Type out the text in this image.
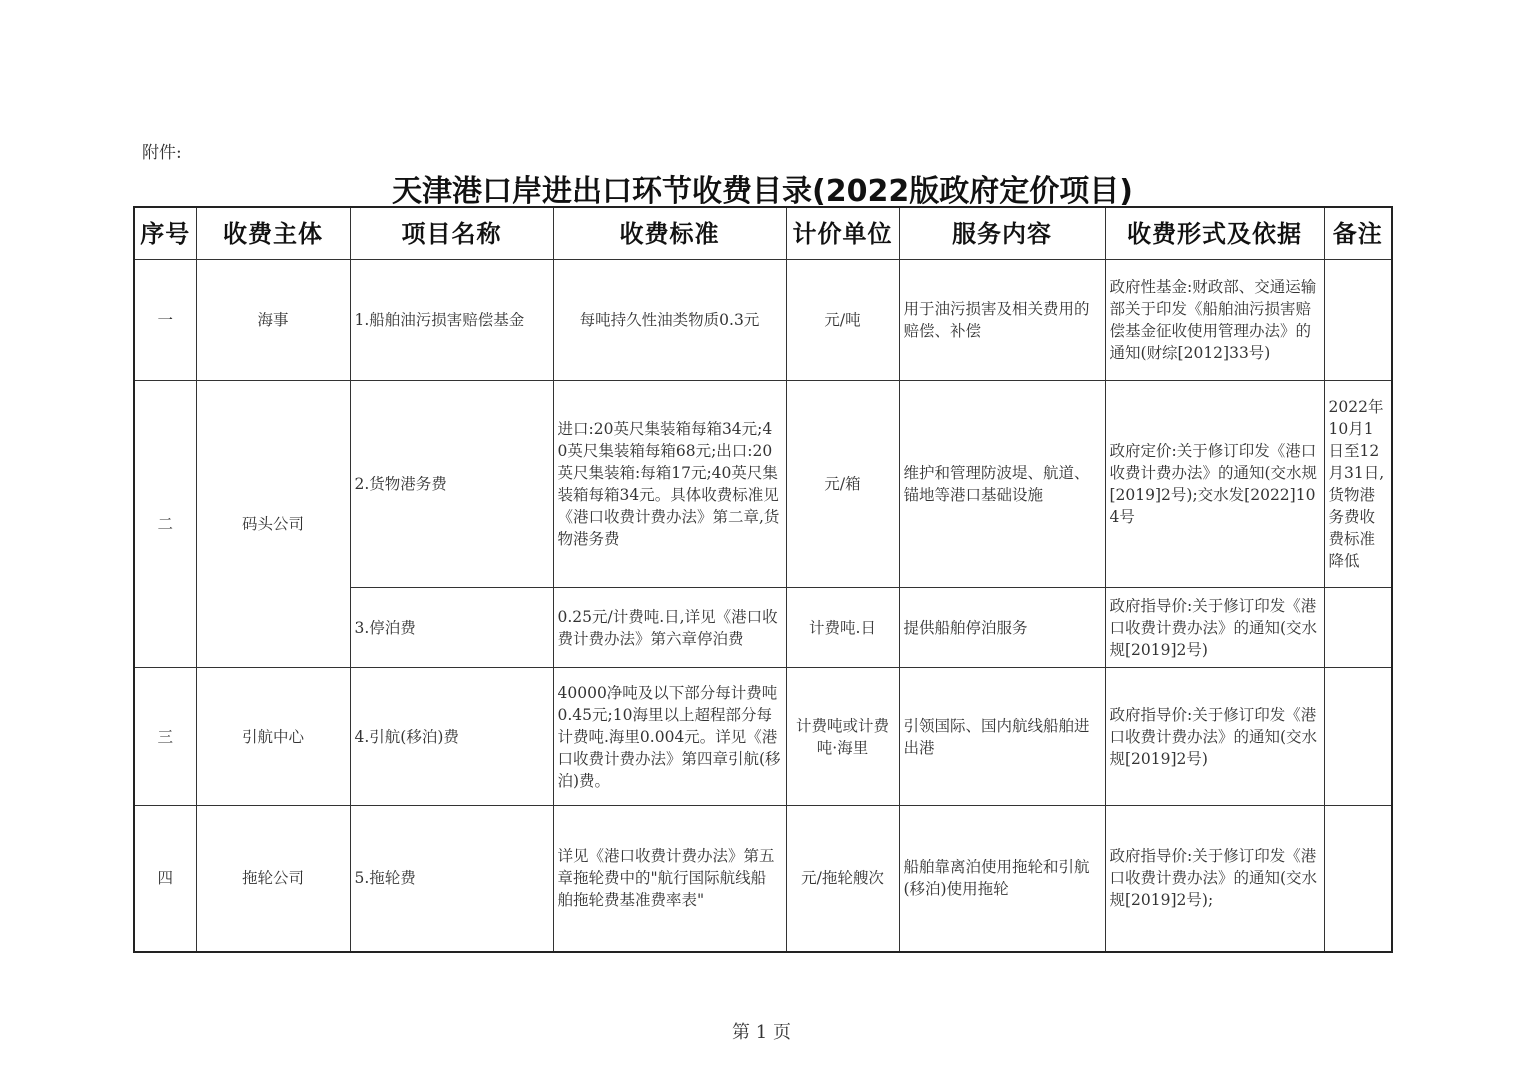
附件:
天津港口岸进出口环节收费目录(2022版政府定价项目)
序号	收费主体	项目名称	收费标准	计价单位	服务内容	收费形式及依据	备注
一	海事	1.船舶油污损害赔偿基金	每吨持久性油类物质0.3元	元/吨	用于油污损害及相关费用的赔偿、补偿	政府性基金:财政部、交通运输部关于印发《船舶油污损害赔偿基金征收使用管理办法》的通知(财综[2012]33号)	
二	码头公司	2.货物港务费	进口:20英尺集装箱每箱34元;40英尺集装箱每箱68元;出口:20英尺集装箱:每箱17元;40英尺集装箱每箱34元。具体收费标准见《港口收费计费办法》第二章,货物港务费	元/箱	维护和管理防波堤、航道、锚地等港口基础设施	政府定价:关于修订印发《港口收费计费办法》的通知(交水规[2019]2号);交水发[2022]104号	2022年10月1日至12月31日,货物港务费收费标准降低
		3.停泊费	0.25元/计费吨.日,详见《港口收费计费办法》第六章停泊费	计费吨.日	提供船舶停泊服务	政府指导价:关于修订印发《港口收费计费办法》的通知(交水规[2019]2号)	
三	引航中心	4.引航(移泊)费	40000净吨及以下部分每计费吨0.45元;10海里以上超程部分每计费吨.海里0.004元。详见《港口收费计费办法》第四章引航(移泊)费。	计费吨或计费吨·海里	引领国际、国内航线船舶进出港	政府指导价:关于修订印发《港口收费计费办法》的通知(交水规[2019]2号)	
四	拖轮公司	5.拖轮费	详见《港口收费计费办法》第五章拖轮费中的"航行国际航线船舶拖轮费基准费率表"	元/拖轮艘次	船舶靠离泊使用拖轮和引航(移泊)使用拖轮	政府指导价:关于修订印发《港口收费计费办法》的通知(交水规[2019]2号);	
第 1 页
